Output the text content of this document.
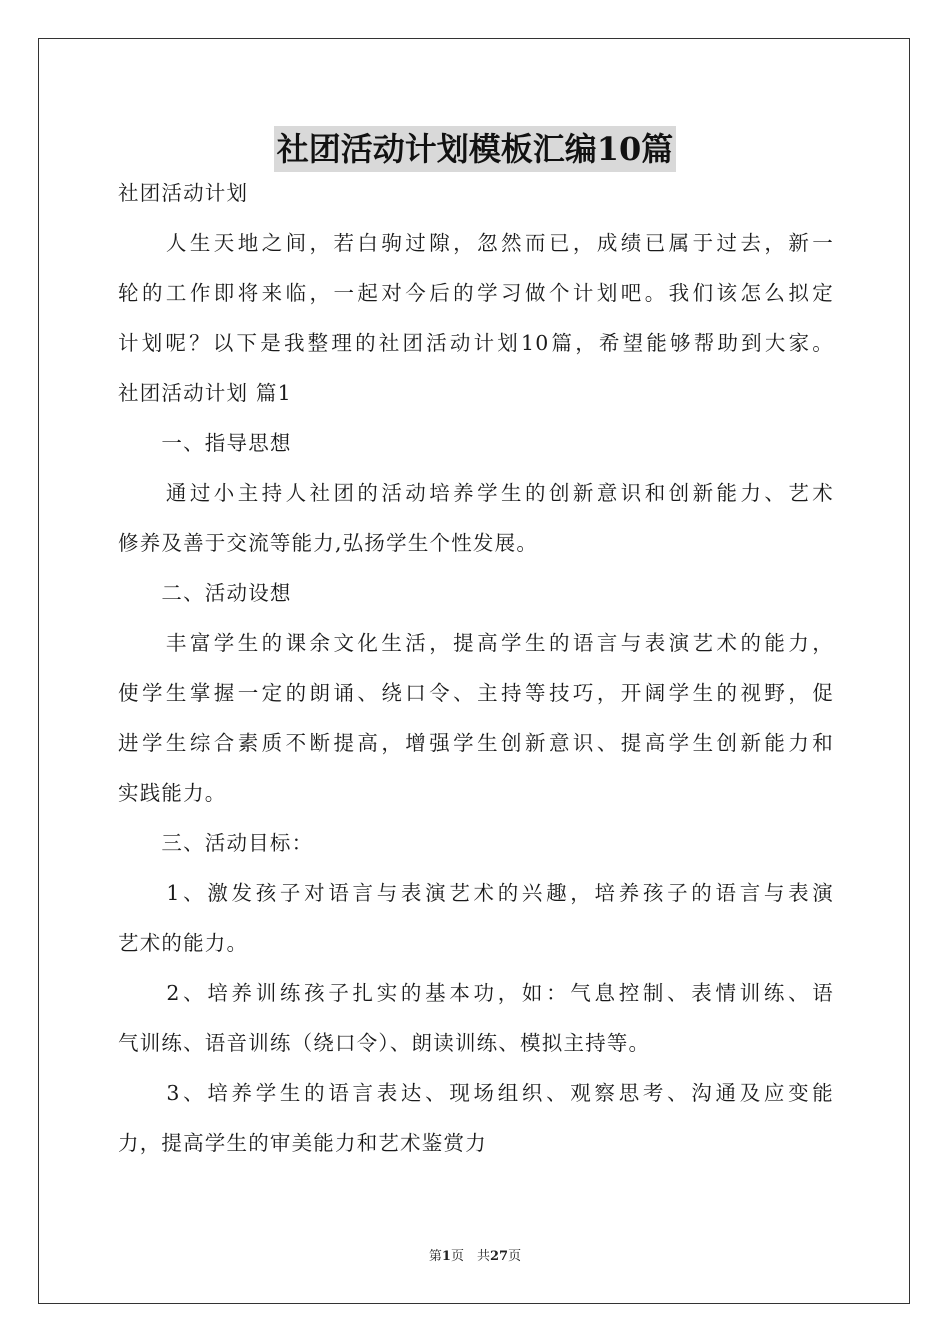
社团活动计划模板汇编10篇
社团活动计划
　　人生天地之间，若白驹过隙，忽然而已，成绩已属于过去，新一
轮的工作即将来临，一起对今后的学习做个计划吧。我们该怎么拟定
计划呢？以下是我整理的社团活动计划10篇，希望能够帮助到大家。
社团活动计划 篇1
　　一、指导思想
　　通过小主持人社团的活动培养学生的创新意识和创新能力、艺术
修养及善于交流等能力,弘扬学生个性发展。
　　二、活动设想
　　丰富学生的课余文化生活，提高学生的语言与表演艺术的能力，
使学生掌握一定的朗诵、绕口令、主持等技巧，开阔学生的视野，促
进学生综合素质不断提高，增强学生创新意识、提高学生创新能力和
实践能力。
　　三、活动目标：
　　1、激发孩子对语言与表演艺术的兴趣，培养孩子的语言与表演
艺术的能力。
　　2、培养训练孩子扎实的基本功，如：气息控制、表情训练、语
气训练、语音训练（绕口令）、朗读训练、模拟主持等。
　　3、培养学生的语言表达、现场组织、观察思考、沟通及应变能
力，提高学生的审美能力和艺术鉴赏力
第1页　共27页
